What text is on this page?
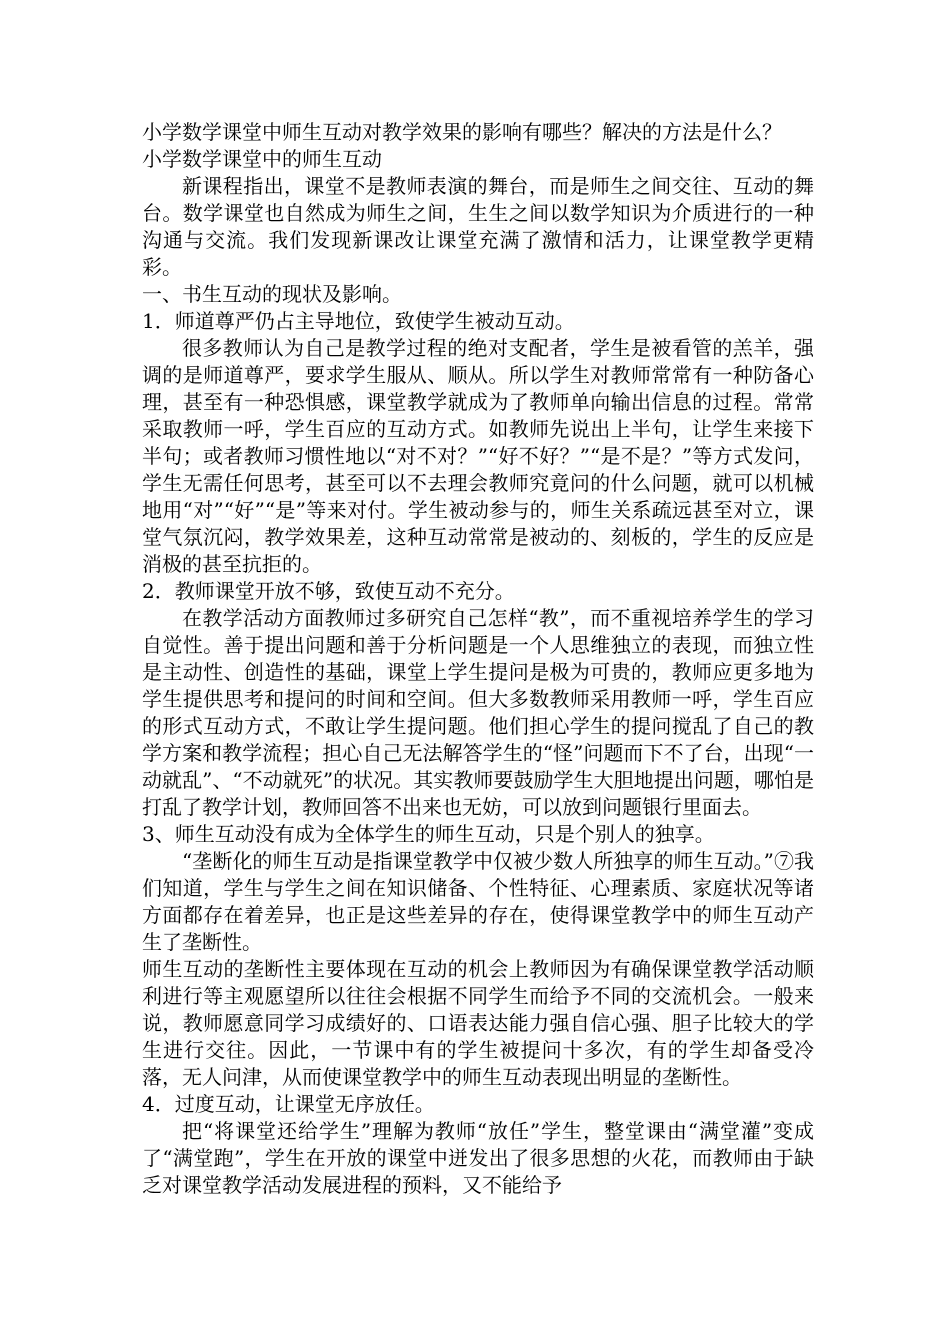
小学数学课堂中师生互动对教学效果的影响有哪些？解决的方法是什么？

小学数学课堂中的师生互动

新课程指出，课堂不是教师表演的舞台，而是师生之间交往、互动的舞台。数学课堂也自然成为师生之间，生生之间以数学知识为介质进行的一种沟通与交流。我们发现新课改让课堂充满了激情和活力，让课堂教学更精彩。

一、书生互动的现状及影响。

1．师道尊严仍占主导地位，致使学生被动互动。

很多教师认为自己是教学过程的绝对支配者，学生是被看管的羔羊，强调的是师道尊严，要求学生服从、顺从。所以学生对教师常常有一种防备心理，甚至有一种恐惧感，课堂教学就成为了教师单向输出信息的过程。常常采取教师一呼，学生百应的互动方式。如教师先说出上半句，让学生来接下半句；或者教师习惯性地以“对不对？”“好不好？”“是不是？”等方式发问，学生无需任何思考，甚至可以不去理会教师究竟问的什么问题，就可以机械地用“对”“好”“是”等来对付。学生被动参与的，师生关系疏远甚至对立，课堂气氛沉闷，教学效果差，这种互动常常是被动的、刻板的，学生的反应是消极的甚至抗拒的。

2．教师课堂开放不够，致使互动不充分。

在教学活动方面教师过多研究自己怎样“教”，而不重视培养学生的学习自觉性。善于提出问题和善于分析问题是一个人思维独立的表现，而独立性是主动性、创造性的基础，课堂上学生提问是极为可贵的，教师应更多地为学生提供思考和提问的时间和空间。但大多数教师采用教师一呼，学生百应的形式互动方式，不敢让学生提问题。他们担心学生的提问搅乱了自己的教学方案和教学流程；担心自己无法解答学生的“怪”问题而下不了台，出现“一动就乱”、“不动就死”的状况。其实教师要鼓励学生大胆地提出问题，哪怕是打乱了教学计划，教师回答不出来也无妨，可以放到问题银行里面去。

3、师生互动没有成为全体学生的师生互动，只是个别人的独享。

“垄断化的师生互动是指课堂教学中仅被少数人所独享的师生互动。”⑦我们知道，学生与学生之间在知识储备、个性特征、心理素质、家庭状况等诸方面都存在着差异，也正是这些差异的存在，使得课堂教学中的师生互动产生了垄断性。

师生互动的垄断性主要体现在互动的机会上教师因为有确保课堂教学活动顺利进行等主观愿望所以往往会根据不同学生而给予不同的交流机会。一般来说，教师愿意同学习成绩好的、口语表达能力强自信心强、胆子比较大的学生进行交往。因此，一节课中有的学生被提问十多次，有的学生却备受冷落，无人问津，从而使课堂教学中的师生互动表现出明显的垄断性。

4．过度互动，让课堂无序放任。

把“将课堂还给学生”理解为教师“放任”学生，整堂课由“满堂灌”变成了“满堂跑”，学生在开放的课堂中迸发出了很多思想的火花，而教师由于缺乏对课堂教学活动发展进程的预料，又不能给予
